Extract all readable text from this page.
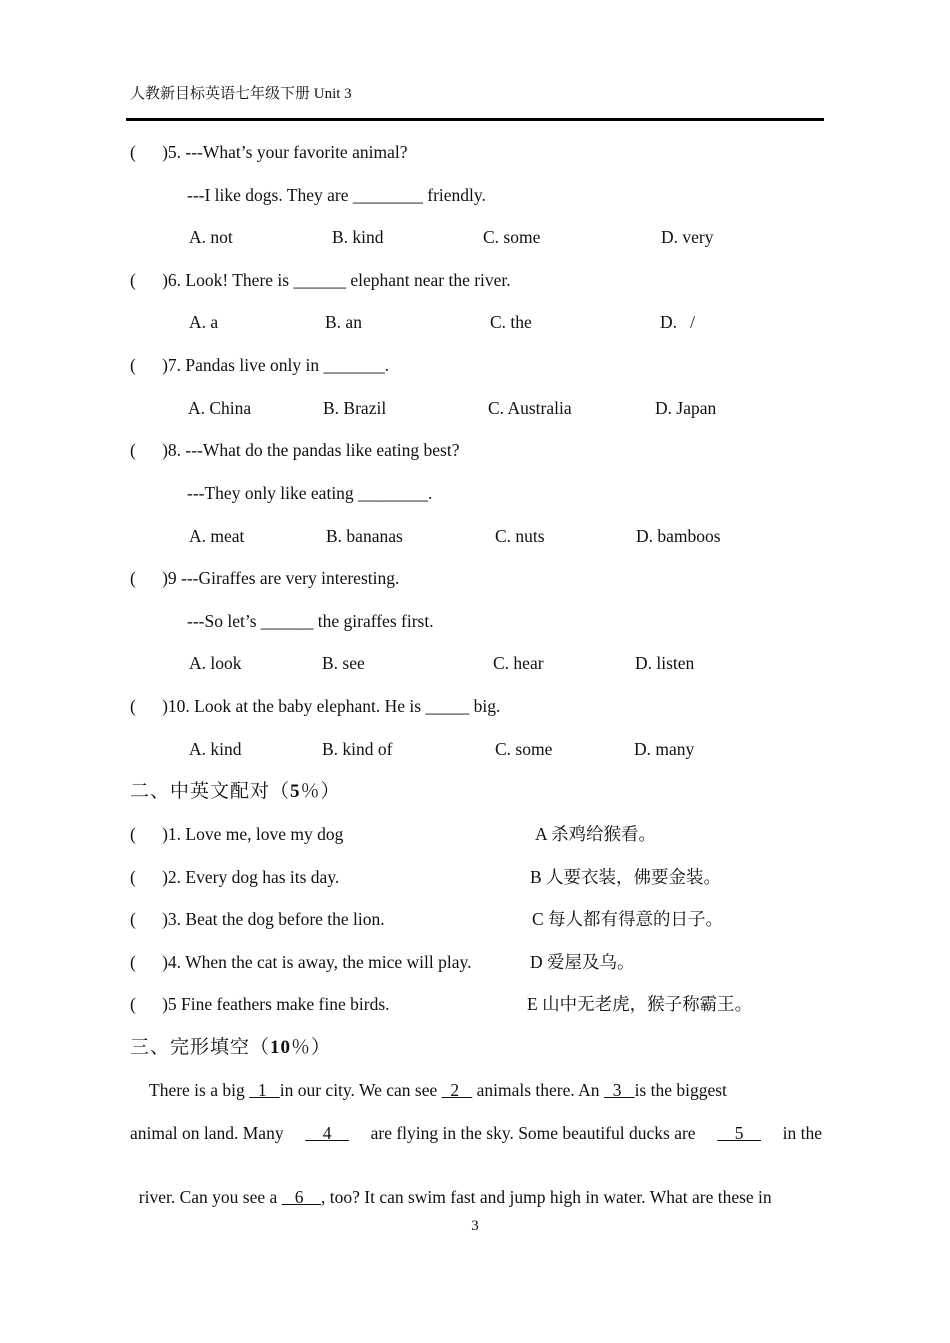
人教新目标英语七年级下册 Unit 3
(      )5. ---What’s your favorite animal?
---I like dogs. They are ________ friendly.
A. not	B. kind	C. some	D. very
(      )6. Look! There is ______ elephant near the river.
A. a	B. an	C. the	D.   /
(      )7. Pandas live only in _______.
A. China	B. Brazil	C. Australia	D. Japan
(      )8. ---What do the pandas like eating best?
---They only like eating ________.
A. meat	B. bananas	C. nuts	D. bamboos
(      )9 ---Giraffes are very interesting.
---So let’s ______ the giraffes first.
A. look	B. see	C. hear	D. listen
(      )10. Look at the baby elephant. He is _____ big.
A. kind	B. kind of	C. some	D. many
二、中英文配对（5％）
(      )1. Love me, love my dog	A 杀鸡给猴看。
(      )2. Every dog has its day.	B 人要衣装，佛要金装。
(      )3. Beat the dog before the lion.	C 每人都有得意的日子。
(      )4. When the cat is away, the mice will play.	D 爱屋及乌。
(      )5 Fine feathers make fine birds.	E 山中无老虎，猴子称霸王。
三、完形填空（10％）
There is a big   1   in our city. We can see   2    animals there. An   3   is the biggest
animal on land. Many 4 are flying in the sky. Some beautiful ducks are 5 in the

river. Can you see a    6    , too? It can swim fast and jump high in water. What are these in

3
